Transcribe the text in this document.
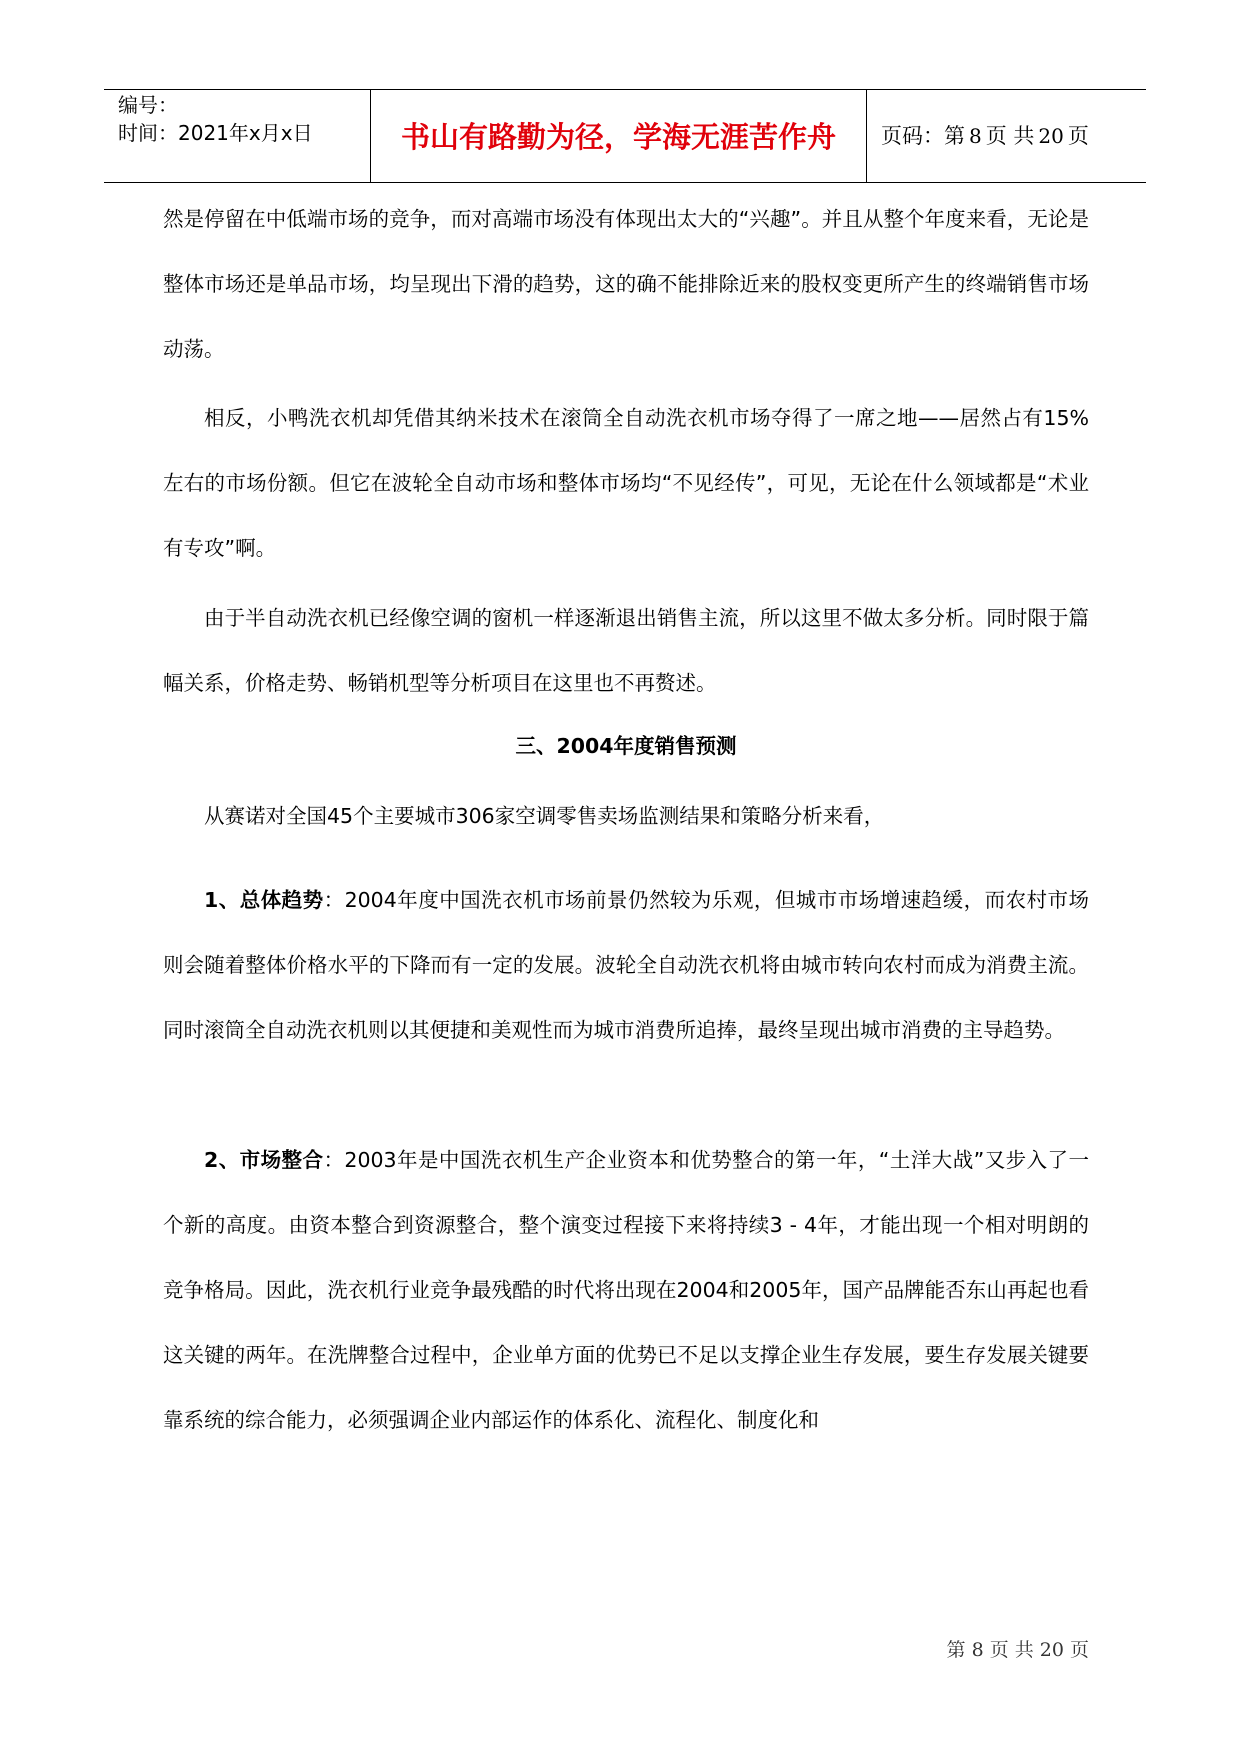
编号：
时间：2021年x月x日	书山有路勤为径，学海无涯苦作舟	页码：第 8 页 共 20 页
然是停留在中低端市场的竞争，而对高端市场没有体现出太大的“兴趣”。并且从整个年度来看，无论是整体市场还是单品市场，均呈现出下滑的趋势，这的确不能排除近来的股权变更所产生的终端销售市场动荡。
相反，小鸭洗衣机却凭借其纳米技术在滚筒全自动洗衣机市场夺得了一席之地——居然占有15%左右的市场份额。但它在波轮全自动市场和整体市场均“不见经传”，可见，无论在什么领域都是“术业有专攻”啊。
由于半自动洗衣机已经像空调的窗机一样逐渐退出销售主流，所以这里不做太多分析。同时限于篇幅关系，价格走势、畅销机型等分析项目在这里也不再赘述。
三、2004年度销售预测
从赛诺对全国45个主要城市306家空调零售卖场监测结果和策略分析来看，
1、总体趋势：2004年度中国洗衣机市场前景仍然较为乐观，但城市市场增速趋缓，而农村市场则会随着整体价格水平的下降而有一定的发展。波轮全自动洗衣机将由城市转向农村而成为消费主流。同时滚筒全自动洗衣机则以其便捷和美观性而为城市消费所追捧，最终呈现出城市消费的主导趋势。
2、市场整合：2003年是中国洗衣机生产企业资本和优势整合的第一年，“土洋大战”又步入了一个新的高度。由资本整合到资源整合，整个演变过程接下来将持续3 - 4年，才能出现一个相对明朗的竞争格局。因此，洗衣机行业竞争最残酷的时代将出现在2004和2005年，国产品牌能否东山再起也看这关键的两年。在洗牌整合过程中，企业单方面的优势已不足以支撑企业生存发展，要生存发展关键要靠系统的综合能力，必须强调企业内部运作的体系化、流程化、制度化和
第 8 页 共 20 页
